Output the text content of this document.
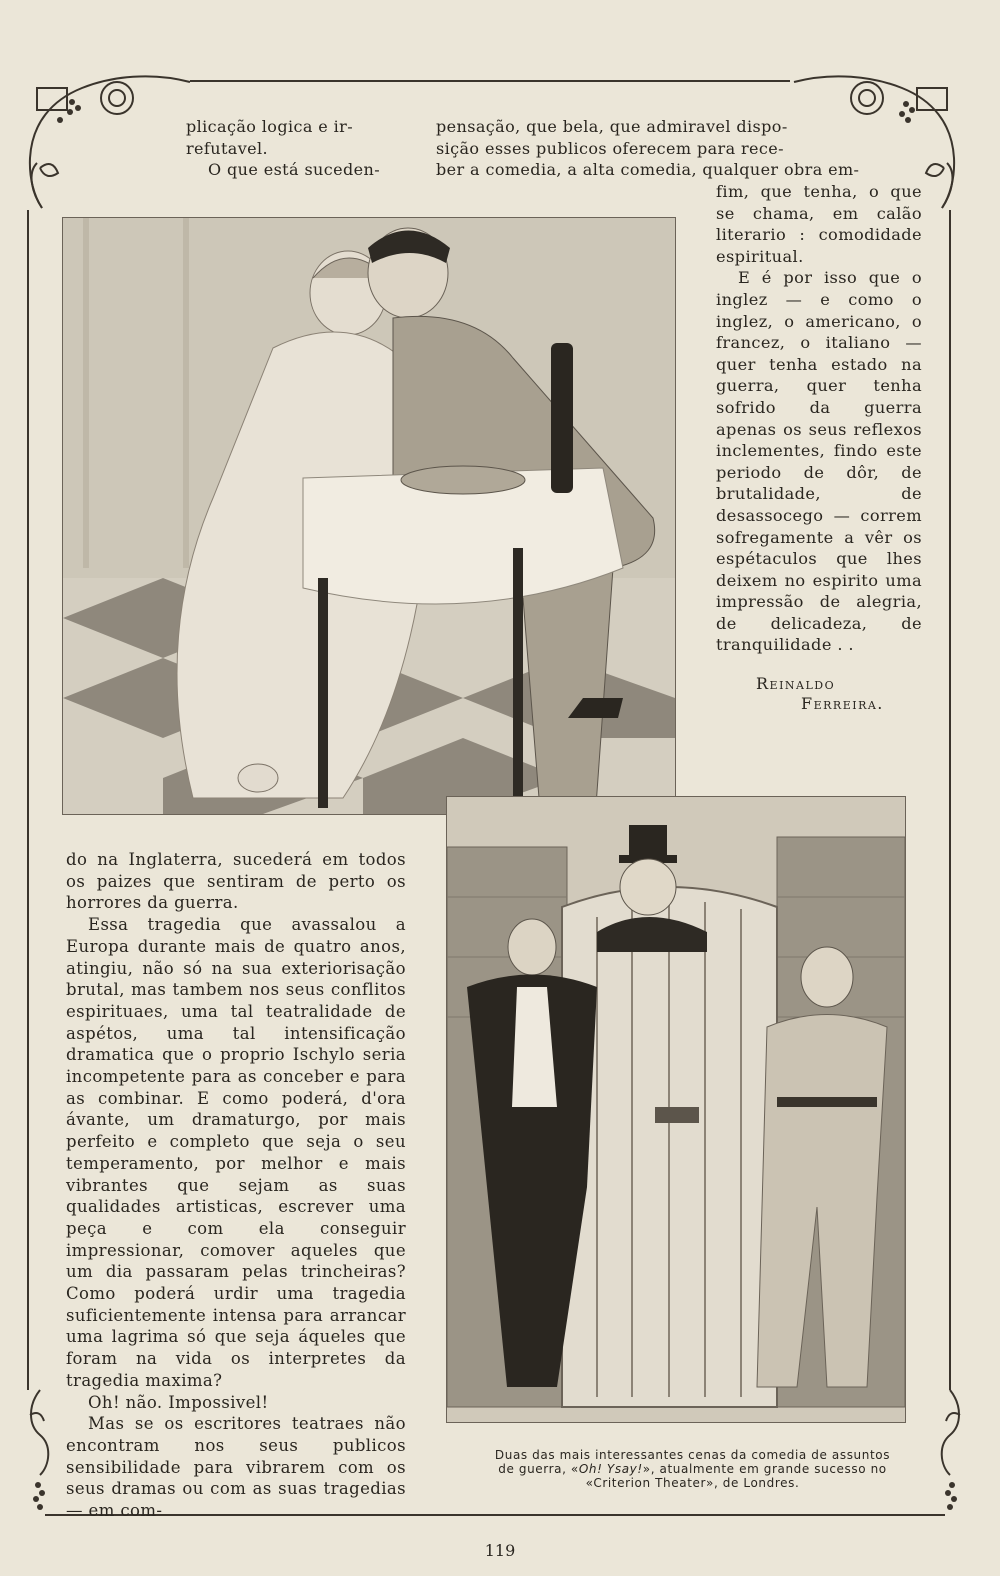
plicação logica e ir-

refutavel.

O que está suceden-

pensação, que bela, que admiravel dispo-

sição esses publicos oferecem para rece-

ber a comedia, a alta comedia, qualquer obra em-

fim, que tenha, o que se chama, em calão literario : comodidade espiritual.

E é por isso que o inglez — e como o inglez, o americano, o francez, o italiano — quer tenha estado na guerra, quer tenha sofrido da guerra apenas os seus reflexos inclementes, findo este periodo de dôr, de brutalidade, de desassocego — correm sofregamente a vêr os espétaculos que lhes deixem no espirito uma impressão de alegria, de delicadeza, de tranquilidade . .

Reinaldo
Ferreira.

do na Inglaterra, sucederá em todos os paizes que sentiram de perto os horrores da guerra.

Essa tragedia que avassalou a Europa durante mais de quatro anos, atingiu, não só na sua exteriorisação brutal, mas tambem nos seus conflitos espirituaes, uma tal teatralidade de aspétos, uma tal intensificação dramatica que o proprio Ischylo seria incompetente para as conceber e para as combinar. E como poderá, d'ora ávante, um dramaturgo, por mais perfeito e completo que seja o seu temperamento, por melhor e mais vibrantes que sejam as suas qualidades artisticas, escrever uma peça e com ela conseguir impressionar, comover aqueles que um dia passaram pelas trincheiras? Como poderá urdir uma tragedia suficientemente intensa para arrancar uma lagrima só que seja áqueles que foram na vida os interpretes da tragedia maxima?

Oh! não. Impossivel!

Mas se os escritores teatraes não encontram nos seus publicos sensibilidade para vibrarem com os seus dramas ou com as suas tragedias — em com-

Duas das mais interessantes cenas da comedia de assuntos
de guerra, «Oh! Ysay!», atualmente em grande sucesso no
«Criterion Theater», de Londres.
119
